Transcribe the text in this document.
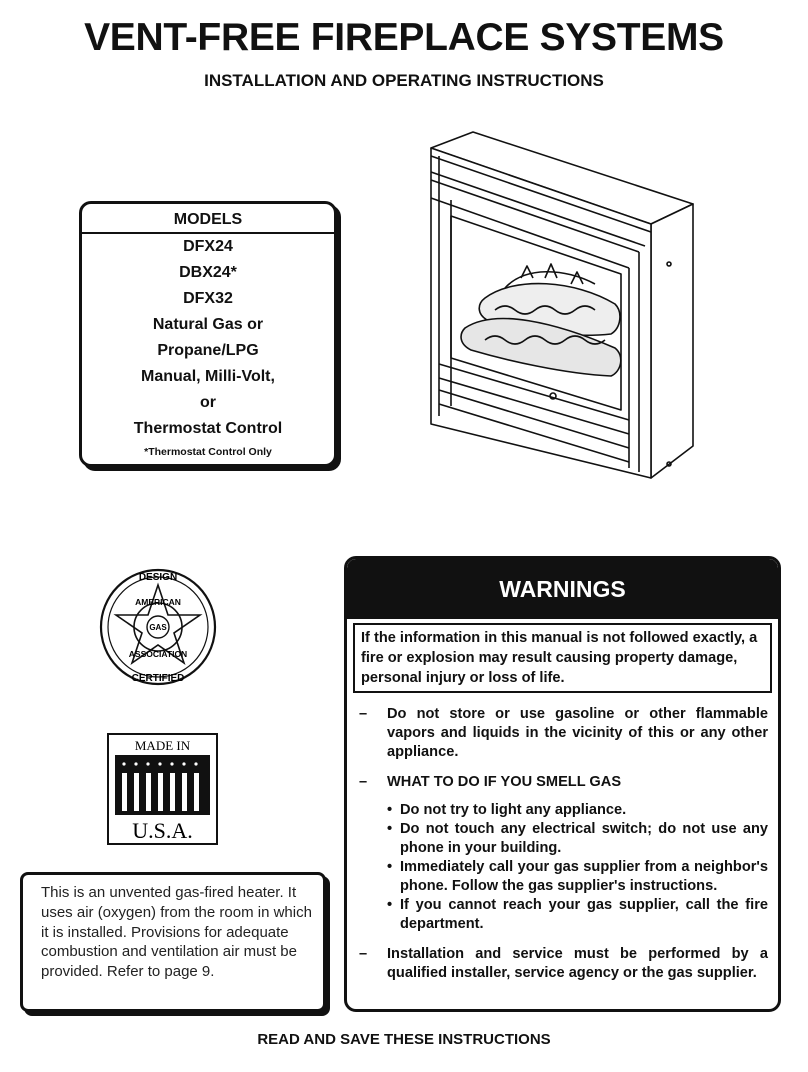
VENT-FREE FIREPLACE SYSTEMS
INSTALLATION AND OPERATING INSTRUCTIONS
MODELS
DFX24
DBX24*
DFX32
Natural Gas or
Propane/LPG
Manual, Milli-Volt,
or
Thermostat Control
*Thermostat Control Only
DESIGN
AMERICAN
GAS
ASSOCIATION
CERTIFIED
MADE IN
U.S.A.

This is an unvented gas-fired heater. It uses air (oxygen) from the room in which it is installed. Provisions for adequate combustion and ventilation air must be provided. Refer to page 9.

WARNINGS
If the information in this manual is not followed exactly, a fire or explosion may result causing property damage, personal injury or loss of life.
– Do not store or use gasoline or other flammable vapors and liquids in the vicinity of this or any other appliance.
– WHAT TO DO IF YOU SMELL GAS
• Do not try to light any appliance.
• Do not touch any electrical switch; do not use any phone in your building.
• Immediately call your gas supplier from a neighbor's phone. Follow the gas supplier's instructions.
• If you cannot reach your gas supplier, call the fire department.
– Installation and service must be performed by a qualified installer, service agency or the gas supplier.
READ AND SAVE THESE INSTRUCTIONS
